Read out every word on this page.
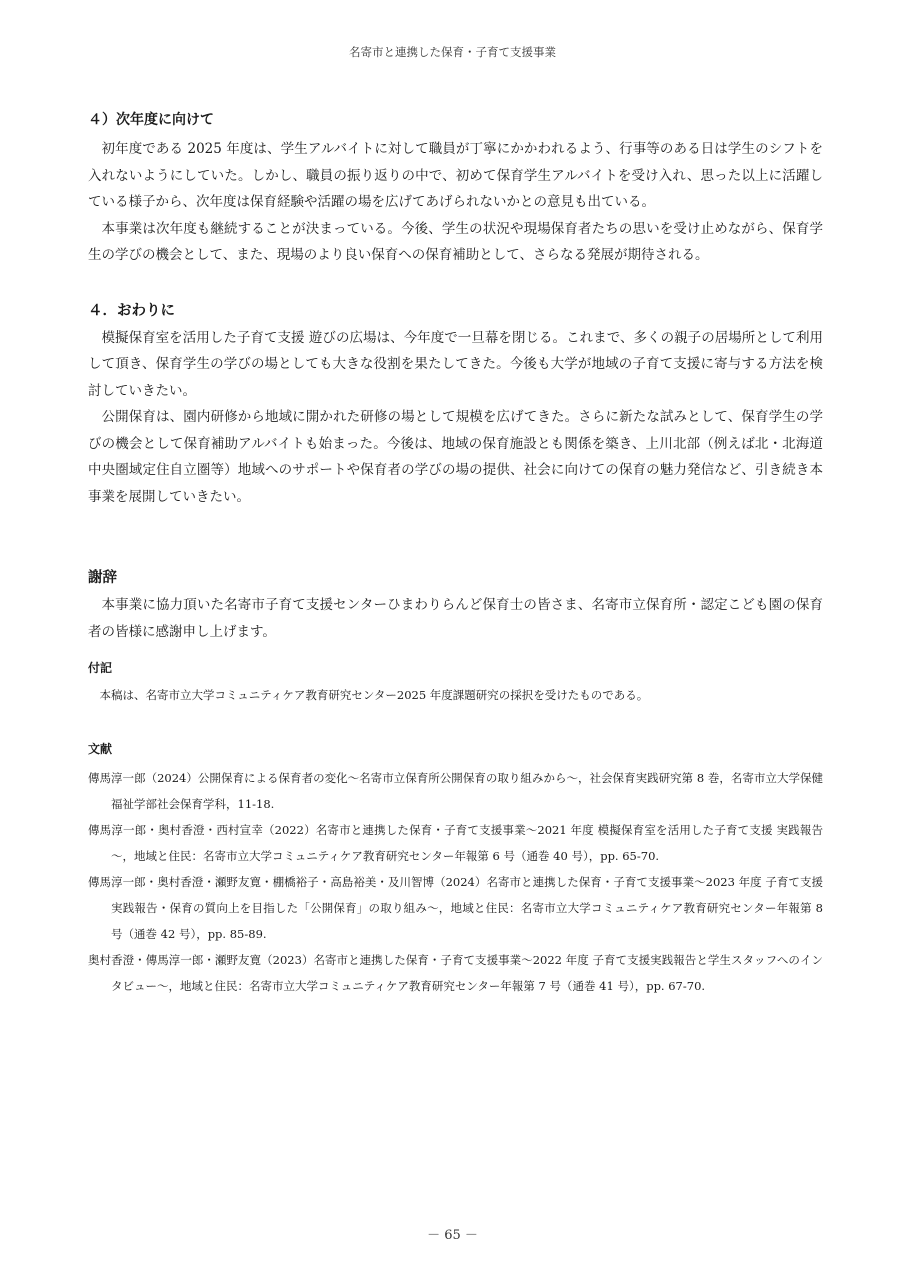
名寄市と連携した保育・子育て支援事業
４）次年度に向けて

初年度である 2025 年度は、学生アルバイトに対して職員が丁寧にかかわれるよう、行事等のある日は学生のシフトを入れないようにしていた。しかし、職員の振り返りの中で、初めて保育学生アルバイトを受け入れ、思った以上に活躍している様子から、次年度は保育経験や活躍の場を広げてあげられないかとの意見も出ている。

本事業は次年度も継続することが決まっている。今後、学生の状況や現場保育者たちの思いを受け止めながら、保育学生の学びの機会として、また、現場のより良い保育への保育補助として、さらなる発展が期待される。

４．おわりに

模擬保育室を活用した子育て支援 遊びの広場は、今年度で一旦幕を閉じる。これまで、多くの親子の居場所として利用して頂き、保育学生の学びの場としても大きな役割を果たしてきた。今後も大学が地域の子育て支援に寄与する方法を検討していきたい。

公開保育は、園内研修から地域に開かれた研修の場として規模を広げてきた。さらに新たな試みとして、保育学生の学びの機会として保育補助アルバイトも始まった。今後は、地域の保育施設とも関係を築き、上川北部（例えば北・北海道中央圏域定住自立圏等）地域へのサポートや保育者の学びの場の提供、社会に向けての保育の魅力発信など、引き続き本事業を展開していきたい。

謝辞

本事業に協力頂いた名寄市子育て支援センターひまわりらんど保育士の皆さま、名寄市立保育所・認定こども園の保育者の皆様に感謝申し上げます。

付記

本稿は、名寄市立大学コミュニティケア教育研究センター2025 年度課題研究の採択を受けたものである。

文献

傳馬淳一郎（2024）公開保育による保育者の変化～名寄市立保育所公開保育の取り組みから～，社会保育実践研究第 8 巻，名寄市立大学保健福祉学部社会保育学科，11-18.

傳馬淳一郎・奥村香澄・西村宣幸（2022）名寄市と連携した保育・子育て支援事業～2021 年度 模擬保育室を活用した子育て支援 実践報告～，地域と住民：名寄市立大学コミュニティケア教育研究センター年報第 6 号（通巻 40 号），pp. 65-70.

傳馬淳一郎・奥村香澄・瀬野友寛・棚橋裕子・高島裕美・及川智博（2024）名寄市と連携した保育・子育て支援事業～2023 年度 子育て支援実践報告・保育の質向上を目指した「公開保育」の取り組み～，地域と住民：名寄市立大学コミュニティケア教育研究センター年報第 8 号（通巻 42 号），pp. 85-89.

奥村香澄・傳馬淳一郎・瀬野友寛（2023）名寄市と連携した保育・子育て支援事業～2022 年度 子育て支援実践報告と学生スタッフへのインタビュー～，地域と住民：名寄市立大学コミュニティケア教育研究センター年報第 7 号（通巻 41 号），pp. 67-70.

－ 65 －
